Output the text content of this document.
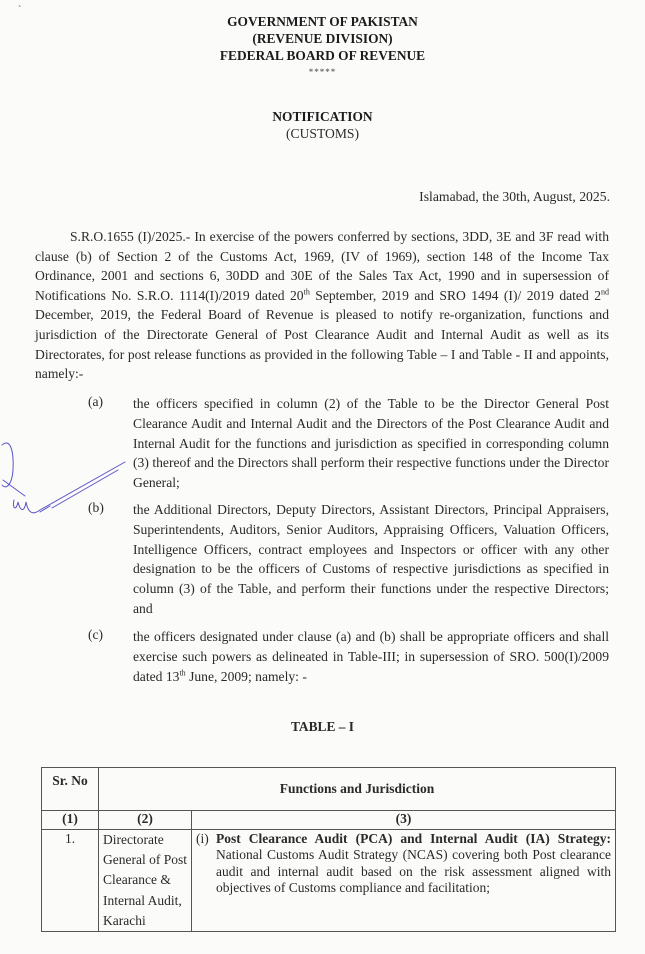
`
GOVERNMENT OF PAKISTAN
(REVENUE DIVISION)
FEDERAL BOARD OF REVENUE
*****
NOTIFICATION
(CUSTOMS)
Islamabad, the 30th, August, 2025.
S.R.O.1655 (I)/2025.- In exercise of the powers conferred by sections, 3DD, 3E and 3F read with clause (b) of Section 2 of the Customs Act, 1969, (IV of 1969), section 148 of the Income Tax Ordinance, 2001 and sections 6, 30DD and 30E of the Sales Tax Act, 1990 and in supersession of Notifications No. S.R.O. 1114(I)/2019 dated 20th September, 2019 and SRO 1494 (I)/ 2019 dated 2nd December, 2019, the Federal Board of Revenue is pleased to notify re-organization, functions and jurisdiction of the Directorate General of Post Clearance Audit and Internal Audit as well as its Directorates, for post release functions as provided in the following Table – I and Table - II and appoints, namely:-
(a) the officers specified in column (2) of the Table to be the Director General Post Clearance Audit and Internal Audit and the Directors of the Post Clearance Audit and Internal Audit for the functions and jurisdiction as specified in corresponding column (3) thereof and the Directors shall perform their respective functions under the Director General;
(b) the Additional Directors, Deputy Directors, Assistant Directors, Principal Appraisers, Superintendents, Auditors, Senior Auditors, Appraising Officers, Valuation Officers, Intelligence Officers, contract employees and Inspectors or officer with any other designation to be the officers of Customs of respective jurisdictions as specified in column (3) of the Table, and perform their functions under the respective Directors; and
(c) the officers designated under clause (a) and (b) shall be appropriate officers and shall exercise such powers as delineated in Table-III; in supersession of SRO. 500(I)/2009 dated 13th June, 2009; namely: -
TABLE – I
Sr. No	Functions and Jurisdiction	
(1)	(2)	(3)
1.	Directorate General of Post Clearance & Internal Audit, Karachi	(i) Post Clearance Audit (PCA) and Internal Audit (IA) Strategy: National Customs Audit Strategy (NCAS) covering both Post clearance audit and internal audit based on the risk assessment aligned with objectives of Customs compliance and facilitation;
